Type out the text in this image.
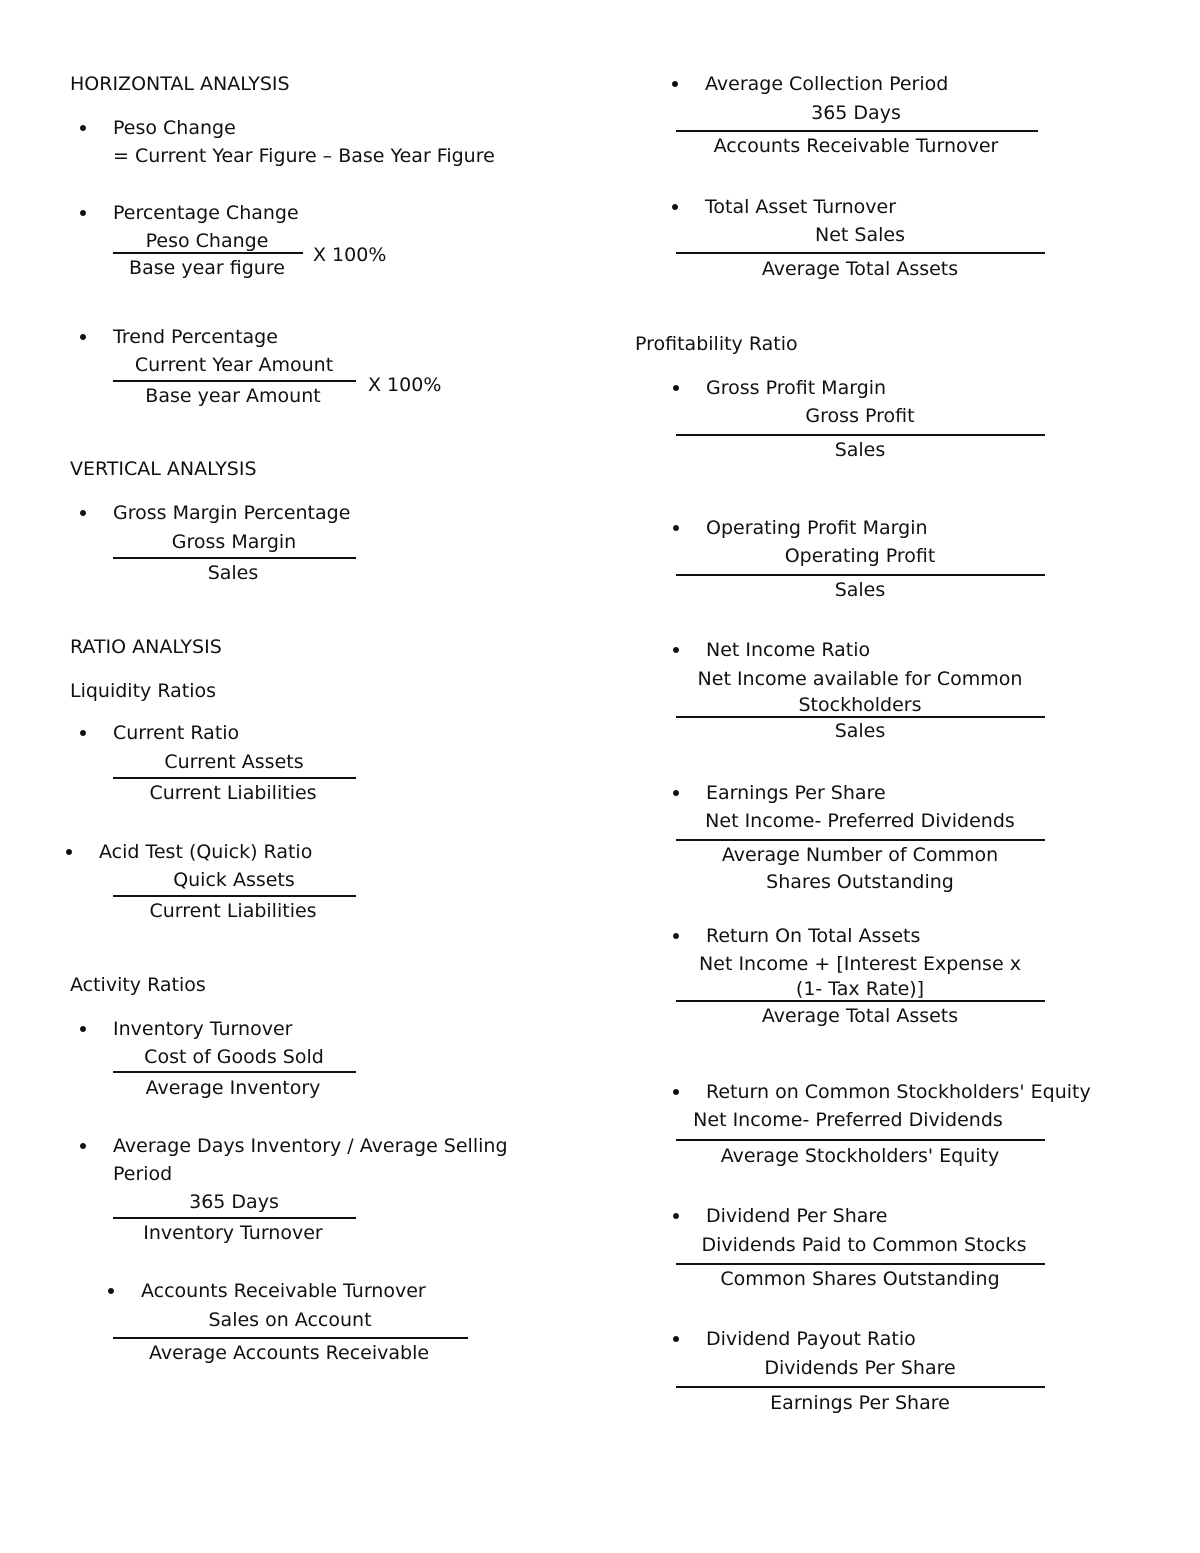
HORIZONTAL ANALYSIS
Peso Change
= Current Year Figure – Base Year Figure
Percentage Change
Peso Change
Base year figure
X 100%
Trend Percentage
Current Year Amount
Base year Amount	X 100%
VERTICAL ANALYSIS
Gross Margin Percentage
Gross Margin
Sales
RATIO ANALYSIS
Liquidity Ratios
Current Ratio
Current Assets
Current Liabilities
Acid Test (Quick) Ratio
Quick Assets
Current Liabilities
Activity Ratios
Inventory Turnover
Cost of Goods Sold
Average Inventory
Average Days Inventory / Average Selling
Period
365 Days
Inventory Turnover
Accounts Receivable Turnover
Sales on Account
Average Accounts Receivable
Average Collection Period
365 Days
Accounts Receivable Turnover
Total Asset Turnover
Net Sales
Average Total Assets
Profitability Ratio
Gross Profit Margin
Gross Profit
Sales
Operating Profit Margin
Operating Profit
Sales
Net Income Ratio
Net Income available for Common
Stockholders
Sales
Earnings Per Share
Net Income- Preferred Dividends
Average Number of Common
Shares Outstanding
Return On Total Assets
Net Income + [Interest Expense x
(1- Tax Rate)]
Average Total Assets
Return on Common Stockholders' Equity
Net Income- Preferred Dividends
Average Stockholders' Equity
Dividend Per Share
Dividends Paid to Common Stocks
Common Shares Outstanding
Dividend Payout Ratio
Dividends Per Share
Earnings Per Share
